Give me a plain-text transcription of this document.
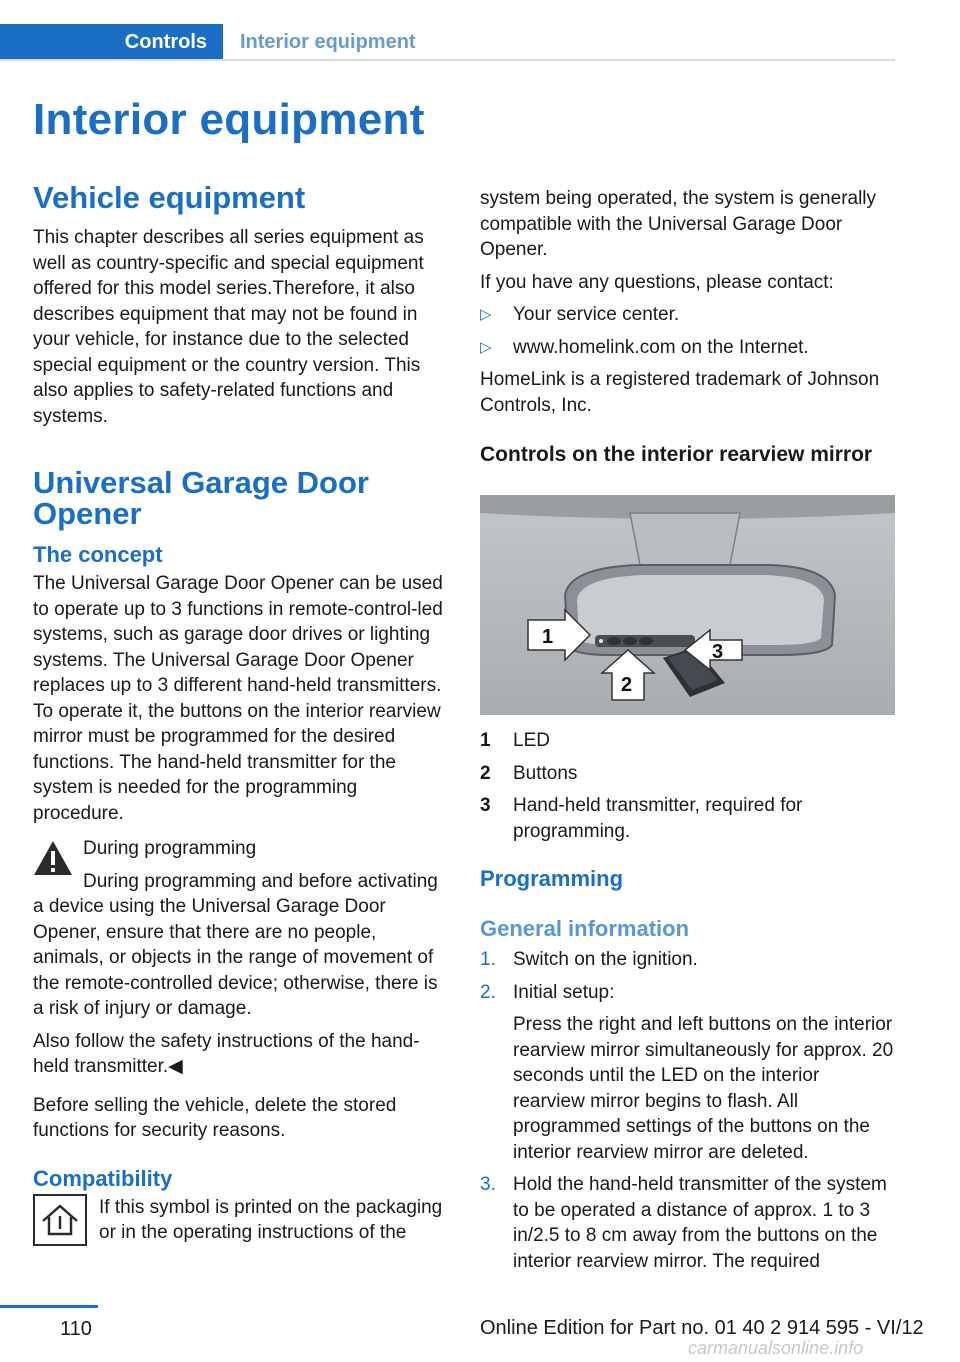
Controls	Interior equipment
Interior equipment
Vehicle equipment

This chapter describes all series equipment as well as country-specific and special equipment offered for this model series.Therefore, it also describes equipment that may not be found in your vehicle, for instance due to the selected special equipment or the country version. This also applies to safety-related functions and systems.

Universal Garage Door Opener
The concept

The Universal Garage Door Opener can be used to operate up to 3 functions in remote-control-led systems, such as garage door drives or lighting systems. The Universal Garage Door Opener replaces up to 3 different hand-held transmitters. To operate it, the buttons on the interior rearview mirror must be programmed for the desired functions. The hand-held transmitter for the system is needed for the programming procedure.

During programming

During programming and before activating a device using the Universal Garage Door Opener, ensure that there are no people, animals, or objects in the range of movement of the remote-controlled device; otherwise, there is a risk of injury or damage.

Also follow the safety instructions of the hand-held transmitter.◀

Before selling the vehicle, delete the stored functions for security reasons.

Compatibility

If this symbol is printed on the packaging or in the operating instructions of the

system being operated, the system is generally compatible with the Universal Garage Door Opener.

If you have any questions, please contact:

▷ Your service center.
▷ www.homelink.com on the Internet.

HomeLink is a registered trademark of Johnson Controls, Inc.

Controls on the interior rearview mirror
1
2
3
1 LED
2 Buttons
3 Hand-held transmitter, required for programming.
Programming
General information
1. Switch on the ignition.
2. Initial setup:

Press the right and left buttons on the interior rearview mirror simultaneously for approx. 20 seconds until the LED on the interior rearview mirror begins to flash. All programmed settings of the buttons on the interior rearview mirror are deleted.

3. Hold the hand-held transmitter of the system to be operated a distance of approx. 1 to 3 in/2.5 to 8 cm away from the buttons on the interior rearview mirror. The required
110	Online Edition for Part no. 01 40 2 914 595 - VI/12
carmanualsonline.info
